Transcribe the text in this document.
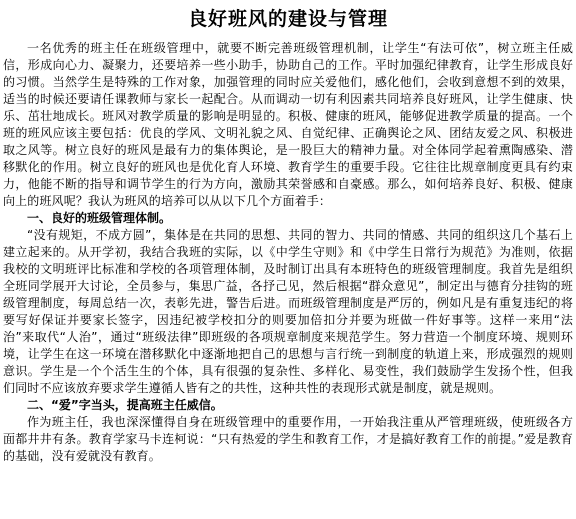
良好班风的建设与管理

一名优秀的班主任在班级管理中，就要不断完善班级管理机制，让学生“有法可依”，树立班主任威信，形成向心力、凝聚力，还要培养一些小助手，协助自己的工作。平时加强纪律教育，让学生形成良好的习惯。当然学生是特殊的工作对象，加强管理的同时应关爱他们，感化他们，会收到意想不到的效果，适当的时候还要请任课教师与家长一起配合。从而调动一切有利因素共同培养良好班风，让学生健康、快乐、茁壮地成长。班风对教学质量的影响是明显的。积极、健康的班风，能够促进教学质量的提高。一个班的班风应该主要包括：优良的学风、文明礼貌之风、自觉纪律、正确舆论之风、团结友爱之风、积极进取之风等。树立良好的班风是最有力的集体舆论，是一股巨大的精神力量。对全体同学起着熏陶感染、潜移默化的作用。树立良好的班风也是优化育人环境、教育学生的重要手段。它往往比规章制度更具有约束力，他能不断的指导和调节学生的行为方向，激励其荣誉感和自豪感。那么，如何培养良好、积极、健康向上的班风呢？我认为班风的培养可以从以下几个方面着手：

一、良好的班级管理体制。

“没有规矩，不成方圆”，集体是在共同的思想、共同的智力、共同的情感、共同的组织这几个基石上建立起来的。从开学初，我结合我班的实际，以《中学生守则》和《中学生日常行为规范》为准则，依据我校的文明班评比标准和学校的各项管理体制，及时制订出具有本班特色的班级管理制度。我首先是组织全班同学展开大讨论，全员参与，集思广益，各抒己见，然后根据“群众意见”，制定出与德育分挂钩的班级管理制度，每周总结一次，表彰先进，警告后进。而班级管理制度是严厉的，例如凡是有重复违纪的将要写好保证并要家长签字，因违纪被学校扣分的则要加倍扣分并要为班做一件好事等。这样一来用“法治”来取代“人治”，通过“班级法律”即班级的各项规章制度来规范学生。努力营造一个制度环境、规则环境，让学生在这一环境在潜移默化中逐渐地把自己的思想与言行统一到制度的轨道上来，形成强烈的规则意识。学生是一个个活生生的个体，具有很强的复杂性、多样化、易变性，我们鼓励学生发扬个性，但我们同时不应该放弃要求学生遵循人皆有之的共性，这种共性的表现形式就是制度，就是规则。

二、“爱”字当头，提高班主任威信。

作为班主任，我也深深懂得自身在班级管理中的重要作用，一开始我注重从严管理班级，使班级各方面都井井有条。教育学家马卡连柯说：“只有热爱的学生和教育工作，才是搞好教育工作的前提。”爱是教育的基础，没有爱就没有教育。
